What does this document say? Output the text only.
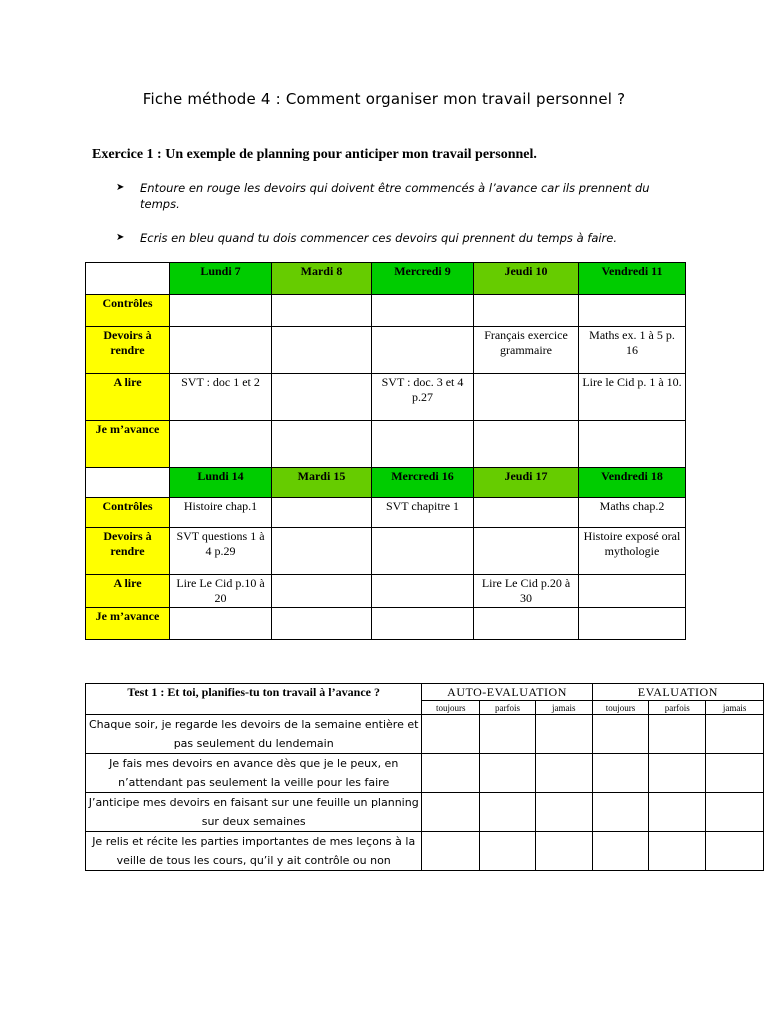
Fiche méthode 4 : Comment organiser mon travail personnel ?
Exercice 1 : Un exemple de planning pour anticiper mon travail personnel.
➤ Entoure en rouge les devoirs qui doivent être commencés à l’avance car ils prennent du temps.
➤ Ecris en bleu quand tu dois commencer ces devoirs qui prennent du temps à faire.
	Lundi 7	Mardi 8	Mercredi 9	Jeudi 10	Vendredi 11
Contrôles					
Devoirs à rendre				Français exercice grammaire	Maths ex. 1 à 5 p. 16
A lire	SVT : doc 1 et 2		SVT : doc. 3 et 4 p.27		Lire le Cid p. 1 à 10.
Je m’avance					
	Lundi 14	Mardi 15	Mercredi 16	Jeudi 17	Vendredi 18
Contrôles	Histoire chap.1		SVT chapitre 1		Maths chap.2
Devoirs à rendre	SVT questions 1 à 4 p.29				Histoire exposé oral mythologie
A lire	Lire Le Cid p.10 à 20			Lire Le Cid p.20 à 30	
Je m’avance					
Test 1 : Et toi, planifies-tu ton travail à l’avance ?	AUTO-EVALUATION			EVALUATION		
	toujours	parfois	jamais	toujours	parfois	jamais
Chaque soir, je regarde les devoirs de la semaine entière et pas seulement du lendemain						
Je fais mes devoirs en avance dès que je le peux, en n’attendant pas seulement la veille pour les faire						
J’anticipe mes devoirs en faisant sur une feuille un planning sur deux semaines						
Je relis et récite les parties importantes de mes leçons à la veille de tous les cours, qu’il y ait contrôle ou non						
